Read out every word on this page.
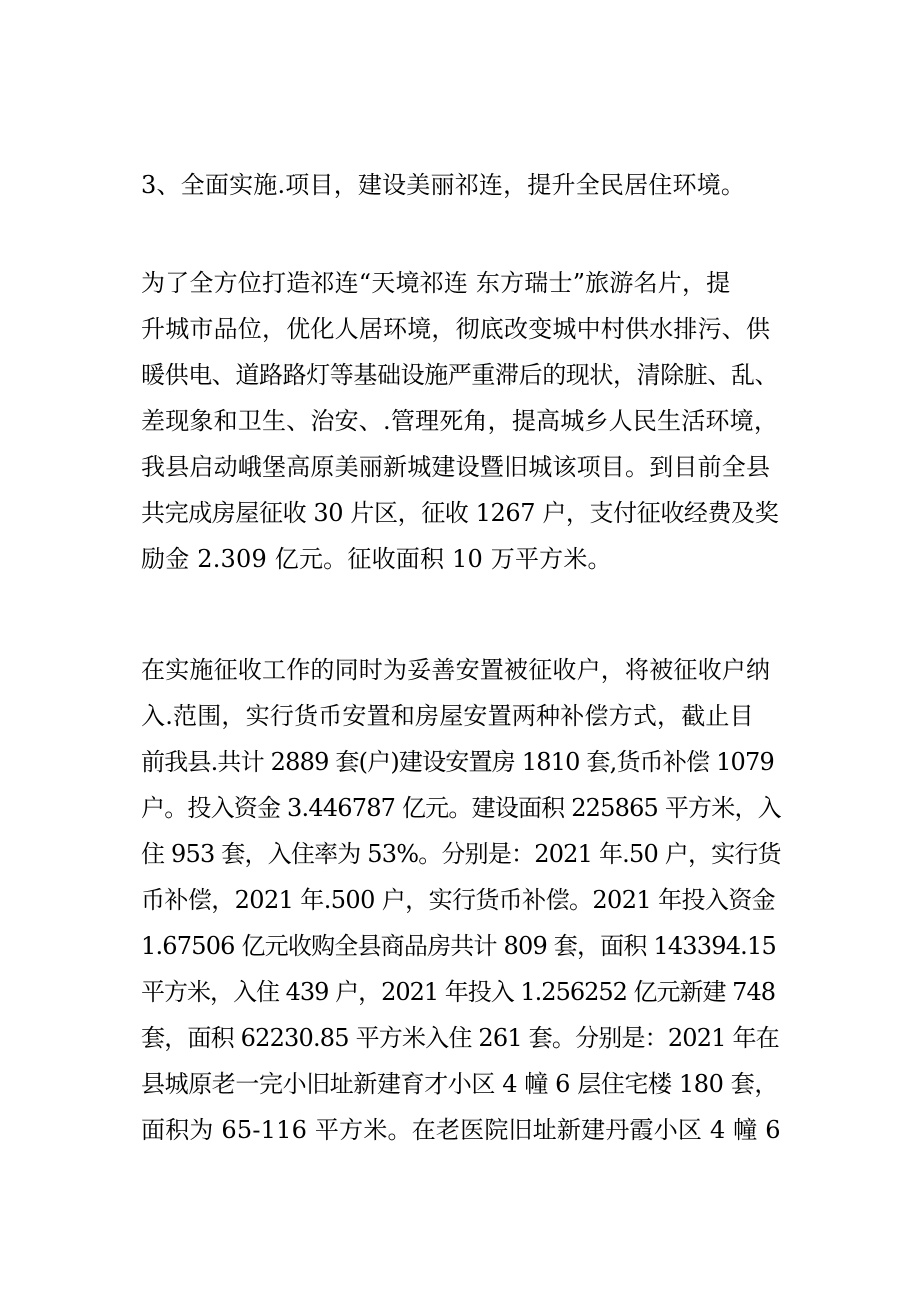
3、全面实施.项目，建设美丽祁连，提升全民居住环境。
为了全方位打造祁连“天境祁连 东方瑞士”旅游名片，提
升城市品位，优化人居环境，彻底改变城中村供水排污、供
暖供电、道路路灯等基础设施严重滞后的现状，清除脏、乱、
差现象和卫生、治安、.管理死角，提高城乡人民生活环境，
我县启动峨堡高原美丽新城建设暨旧城该项目。到目前全县
共完成房屋征收 30 片区，征收 1267 户，支付征收经费及奖
励金 2.309 亿元。征收面积 10 万平方米。
在实施征收工作的同时为妥善安置被征收户，将被征收户纳
入.范围，实行货币安置和房屋安置两种补偿方式，截止目
前我县.共计 2889 套(户)建设安置房 1810 套,货币补偿 1079
户。投入资金 3.446787 亿元。建设面积 225865 平方米，入
住 953 套，入住率为 53%。分别是：2021 年.50 户，实行货
币补偿，2021 年.500 户，实行货币补偿。2021 年投入资金
1.67506 亿元收购全县商品房共计 809 套，面积 143394.15
平方米，入住 439 户，2021 年投入 1.256252 亿元新建 748
套，面积 62230.85 平方米入住 261 套。分别是：2021 年在
县城原老一完小旧址新建育才小区 4 幢 6 层住宅楼 180 套，
面积为 65-116 平方米。在老医院旧址新建丹霞小区 4 幢 6
